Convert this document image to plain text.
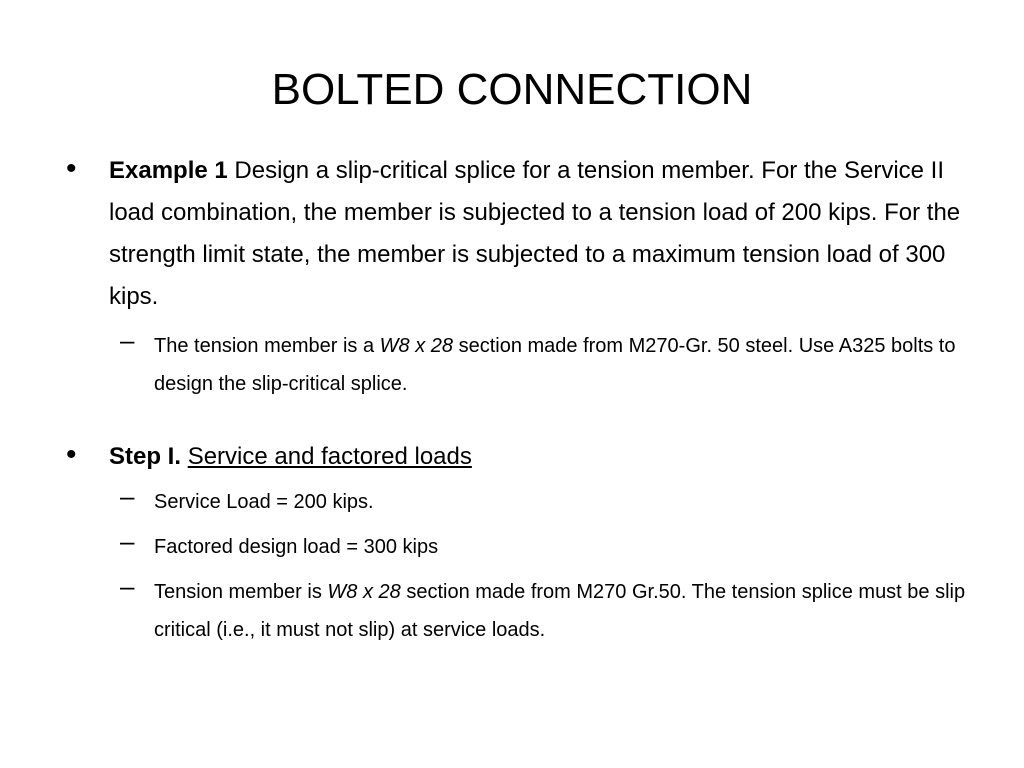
BOLTED CONNECTION
• Example 1 Design a slip-critical splice for a tension member. For the Service II load combination, the member is subjected to a tension load of 200 kips. For the strength limit state, the member is subjected to a maximum tension load of 300 kips.
– The tension member is a W8 x 28 section made from M270-Gr. 50 steel. Use A325 bolts to design the slip-critical splice.
• Step I. Service and factored loads
– Service Load = 200 kips.
– Factored design load = 300 kips
– Tension member is W8 x 28 section made from M270 Gr.50. The tension splice must be slip critical (i.e., it must not slip) at service loads.
